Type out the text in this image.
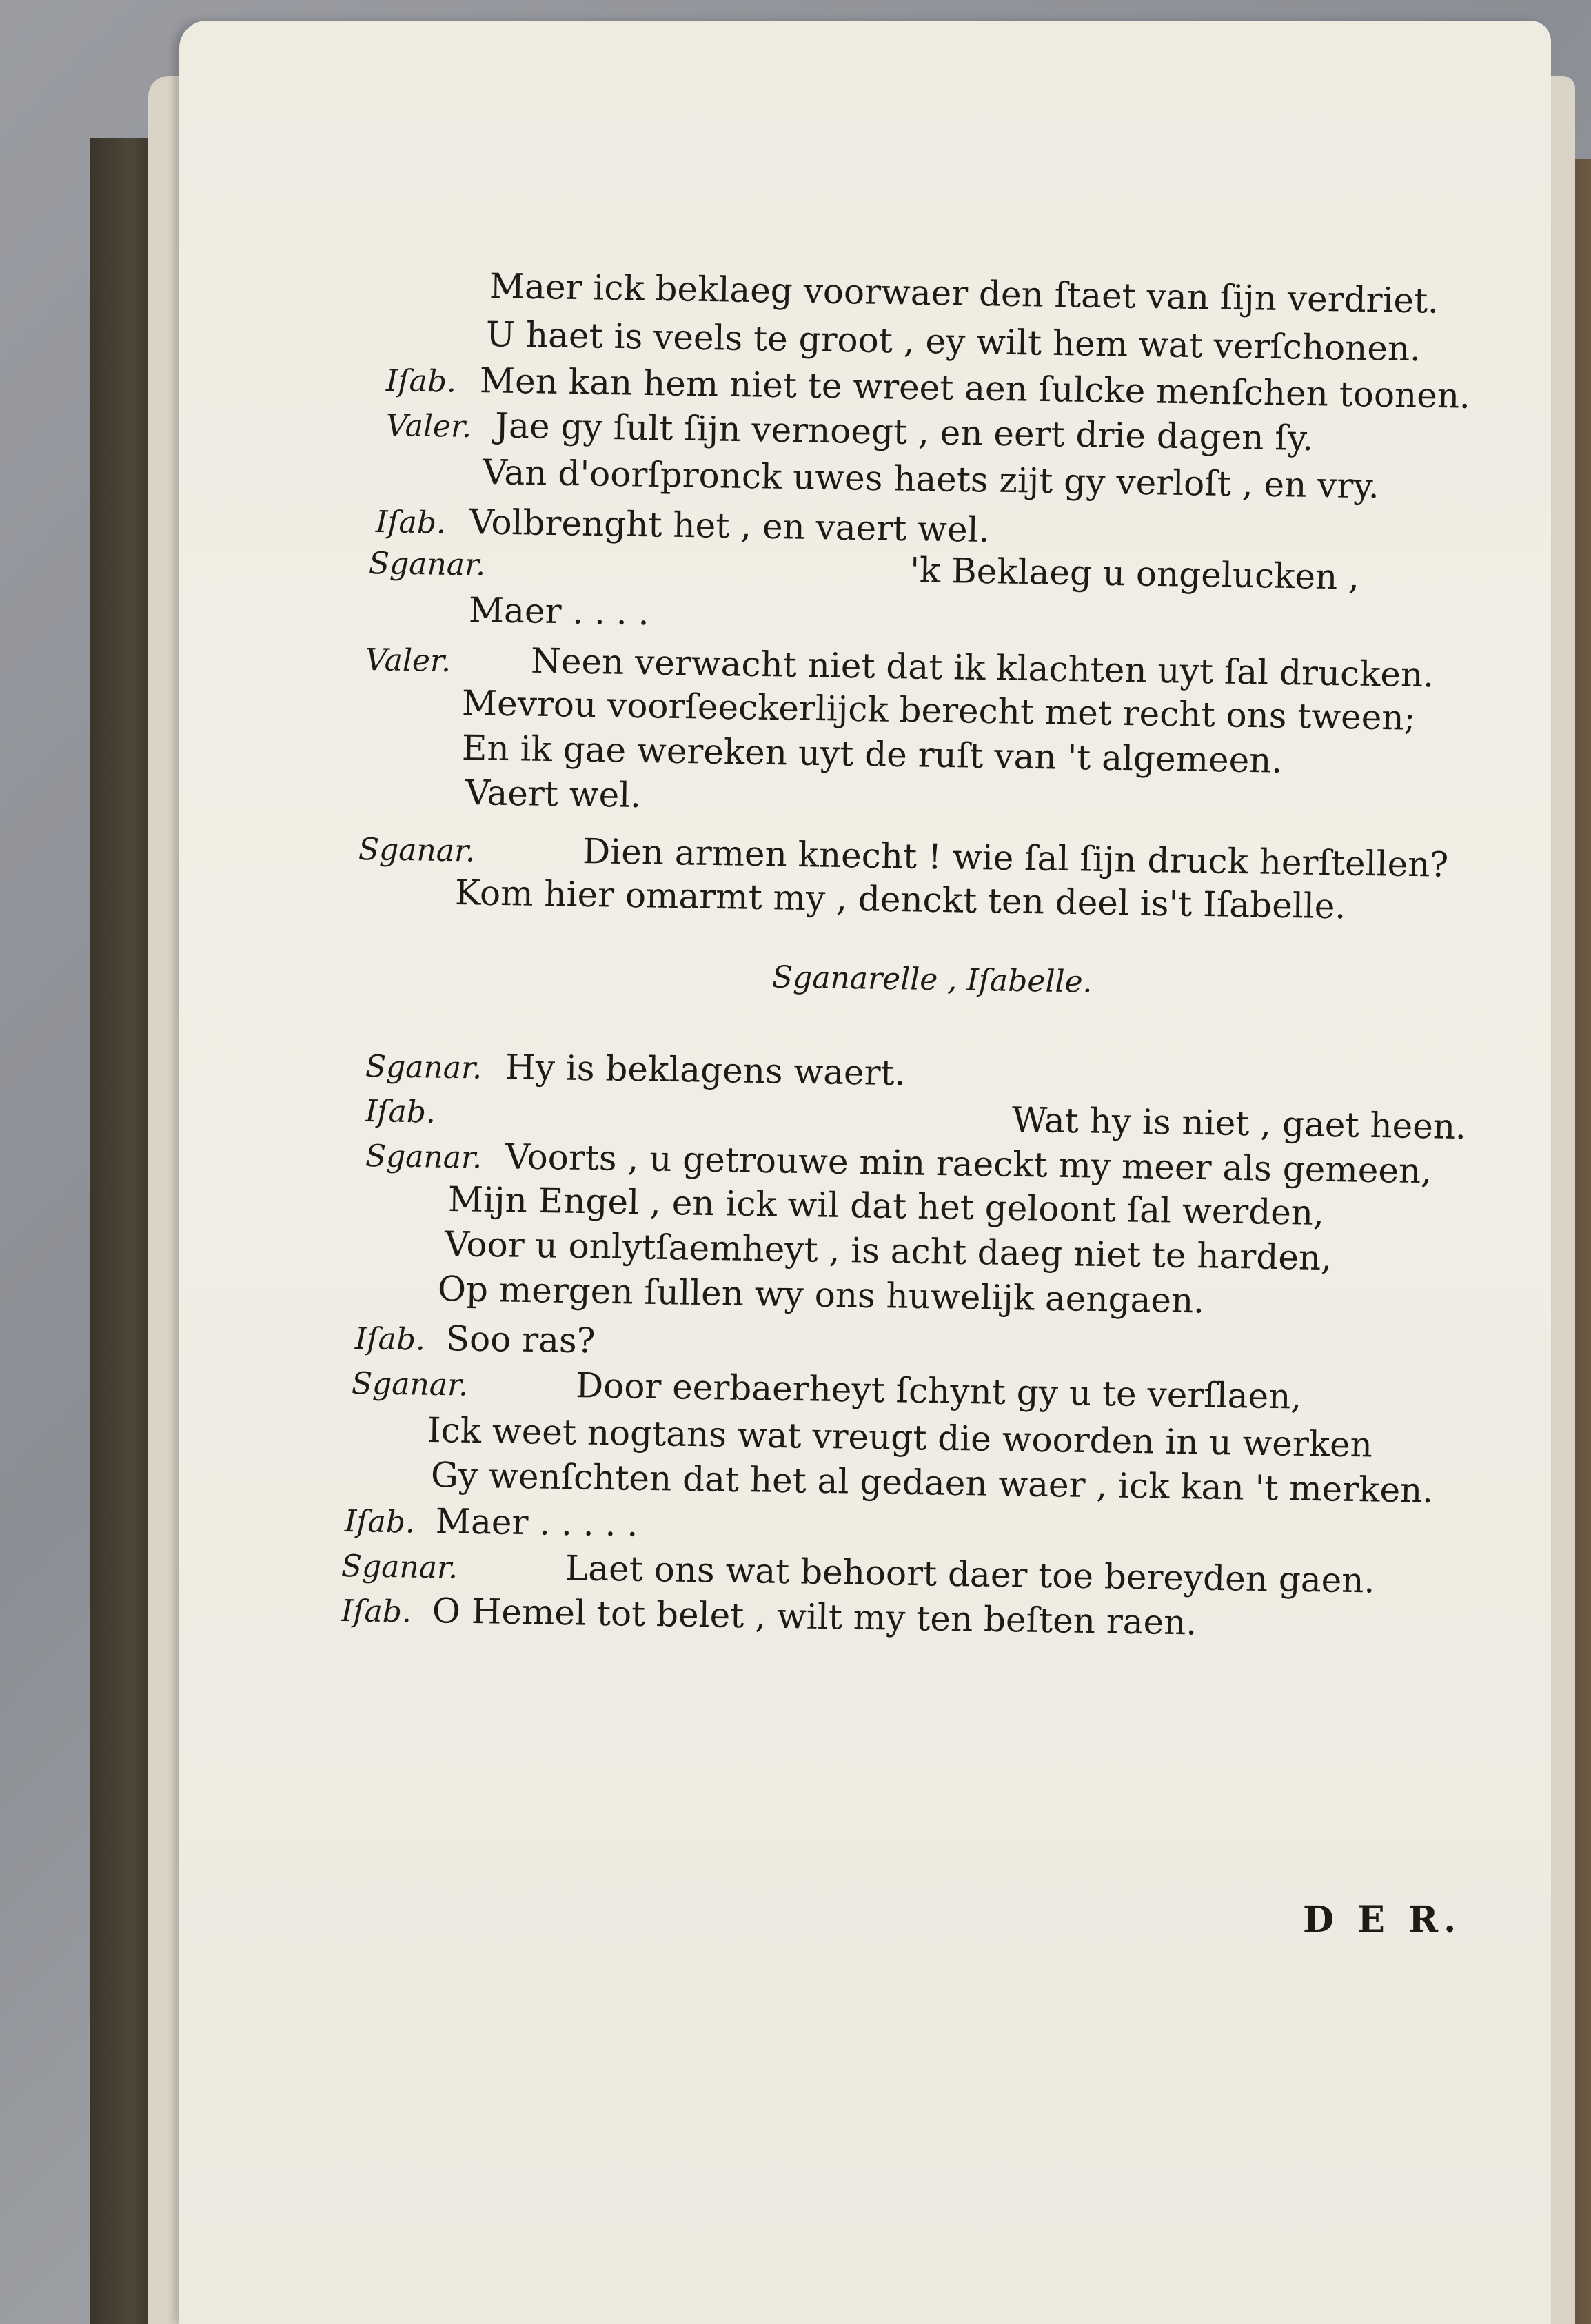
Maer ick beklaeg voorwaer den ſtaet van ſijn verdriet.
U haet is veels te groot , ey wilt hem wat verſchonen.
Iſab. Men kan hem niet te wreet aen ſulcke menſchen toonen.
Valer. Jae gy ſult ſijn vernoegt , en eert drie dagen ſy.
Van d'oorſpronck uwes haets zijt gy verloſt , en vry.
Iſab. Volbrenght het , en vaert wel.
Sganar.	'k Beklaeg u ongelucken ,
Maer . . . .
Valer. Neen verwacht niet dat ik klachten uyt ſal drucken.
Mevrou voorſeeckerlijck berecht met recht ons tween;
En ik gae wereken uyt de ruſt van 't algemeen.
Vaert wel.
Sganar.	Dien armen knecht ! wie ſal ſijn druck herſtellen?
Kom hier omarmt my , denckt ten deel is't Iſabelle.
Sganarelle , Iſabelle.
Sganar. Hy is beklagens waert.
Iſab.	Wat hy is niet , gaet heen.
Sganar. Voorts , u getrouwe min raeckt my meer als gemeen,
Mijn Engel , en ick wil dat het geloont ſal werden,
Voor u onlytſaemheyt , is acht daeg niet te harden,
Op mergen ſullen wy ons huwelijk aengaen.
Iſab. Soo ras?
Sganar.	Door eerbaerheyt ſchynt gy u te verſlaen,
Ick weet nogtans wat vreugt die woorden in u werken
Gy wenſchten dat het al gedaen waer , ick kan 't merken.
Iſab. Maer . . . . .
Sganar.	Laet ons wat behoort daer toe bereyden gaen.
Iſab. O Hemel tot belet , wilt my ten beſten raen.
D E R.
